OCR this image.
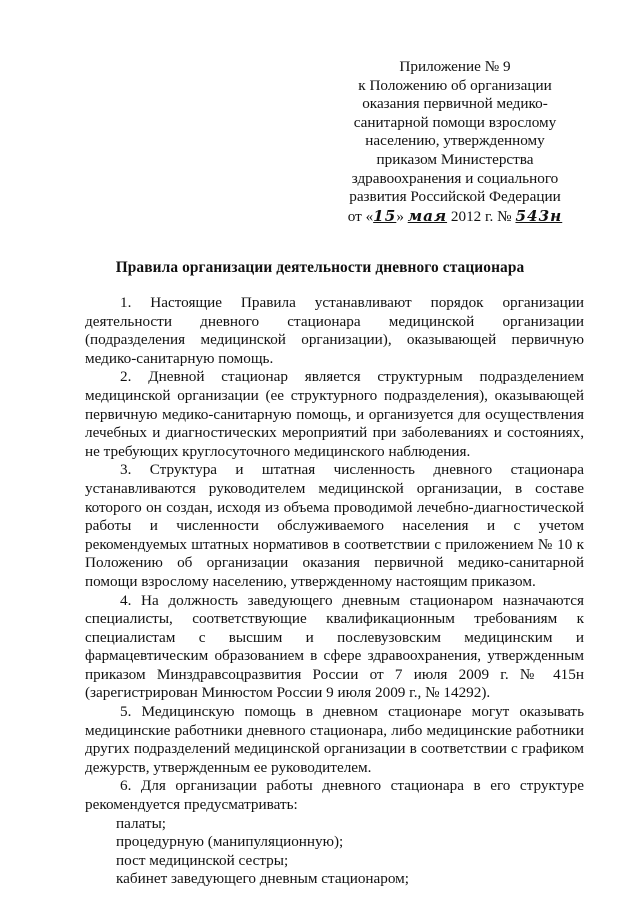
Приложение № 9
к Положению об организации
оказания первичной медико-
санитарной помощи взрослому
населению, утвержденному
приказом Министерства
здравоохранения и социального
развития Российской Федерации
от «15» мая 2012 г. № 543н
Правила организации деятельности дневного стационара

1. Настоящие Правила устанавливают порядок организации деятельности дневного стационара медицинской организации (подразделения медицинской организации), оказывающей первичную медико-санитарную помощь.

2. Дневной стационар является структурным подразделением медицинской организации (ее структурного подразделения), оказывающей первичную медико-санитарную помощь, и организуется для осуществления лечебных и диагностических мероприятий при заболеваниях и состояниях, не требующих круглосуточного медицинского наблюдения.

3. Структура и штатная численность дневного стационара устанавливаются руководителем медицинской организации, в составе которого он создан, исходя из объема проводимой лечебно-диагностической работы и численности обслуживаемого населения и с учетом рекомендуемых штатных нормативов в соответствии с приложением № 10 к Положению об организации оказания первичной медико-санитарной помощи взрослому населению, утвержденному настоящим приказом.

4. На должность заведующего дневным стационаром назначаются специалисты, соответствующие квалификационным требованиям к специалистам с высшим и послевузовским медицинским и фармацевтическим образованием в сфере здравоохранения, утвержденным приказом Минздравсоцразвития России от 7 июля 2009 г. № 415н (зарегистрирован Минюстом России 9 июля 2009 г., № 14292).

5. Медицинскую помощь в дневном стационаре могут оказывать медицинские работники дневного стационара, либо медицинские работники других подразделений медицинской организации в соответствии с графиком дежурств, утвержденным ее руководителем.

6. Для организации работы дневного стационара в его структуре рекомендуется предусматривать:

палаты;

процедурную (манипуляционную);

пост медицинской сестры;

кабинет заведующего дневным стационаром;
